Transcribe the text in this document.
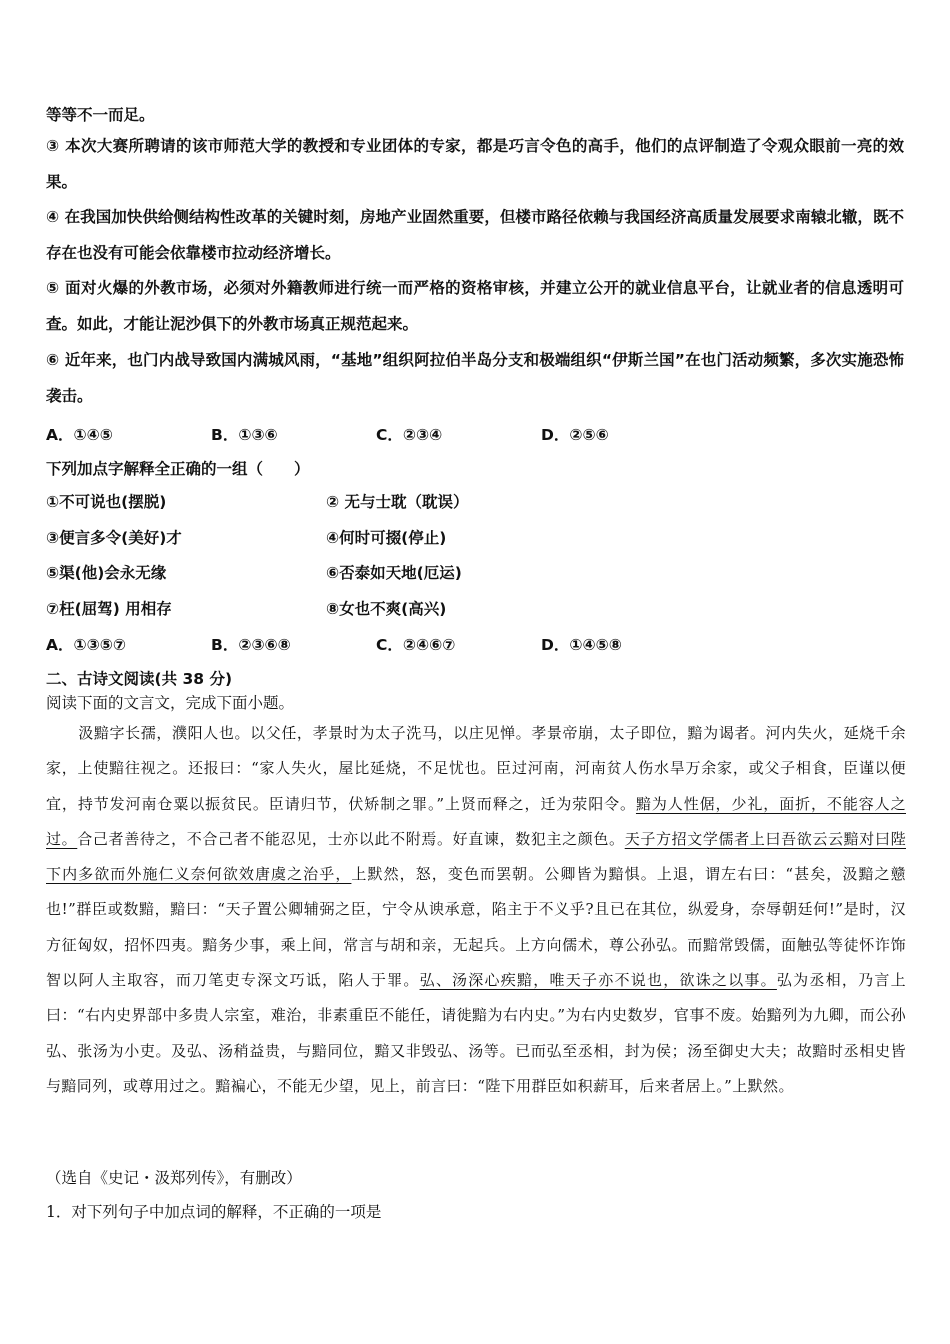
等等不一而足。
③ 本次大赛所聘请的该市师范大学的教授和专业团体的专家，都是巧言令色的高手，他们的点评制造了令观众眼前一亮的效果。
④ 在我国加快供给侧结构性改革的关键时刻，房地产业固然重要，但楼市路径依赖与我国经济高质量发展要求南辕北辙，既不存在也没有可能会依靠楼市拉动经济增长。
⑤ 面对火爆的外教市场，必须对外籍教师进行统一而严格的资格审核，并建立公开的就业信息平台，让就业者的信息透明可查。如此，才能让泥沙俱下的外教市场真正规范起来。
⑥ 近年来，也门内战导致国内满城风雨，“基地”组织阿拉伯半岛分支和极端组织“伊斯兰国”在也门活动频繁，多次实施恐怖袭击。
A．①④⑤	B．①③⑥	C．②③④	D．②⑤⑥
下列加点字解释全正确的一组（　　）
①不可说也(摆脱)	② 无与士耽（耽误）
③便言多令(美好)才	④何时可掇(停止)
⑤渠(他)会永无缘	⑥否泰如天地(厄运)
⑦枉(屈驾) 用相存	⑧女也不爽(高兴)
A．①③⑤⑦	B．②③⑥⑧	C．②④⑥⑦	D．①④⑤⑧
二、古诗文阅读(共 38 分)
阅读下面的文言文，完成下面小题。
汲黯字长孺，濮阳人也。以父任，孝景时为太子洗马，以庄见惮。孝景帝崩，太子即位，黯为谒者。河内失火，延烧千余家，上使黯往视之。还报曰：“家人失火，屋比延烧，不足忧也。臣过河南，河南贫人伤水旱万余家，或父子相食，臣谨以便宜，持节发河南仓粟以振贫民。臣请归节，伏矫制之罪。”上贤而释之，迁为荥阳令。黯为人性倨，少礼，面折，不能容人之过。合己者善待之，不合己者不能忍见，士亦以此不附焉。好直谏，数犯主之颜色。天子方招文学儒者上曰吾欲云云黯对曰陛下内多欲而外施仁义奈何欲效唐虞之治乎，上默然，怒，变色而罢朝。公卿皆为黯惧。上退，谓左右曰：“甚矣，汲黯之戆也!”群臣或数黯，黯曰：“天子置公卿辅弼之臣，宁令从谀承意，陷主于不义乎?且已在其位，纵爱身，奈辱朝廷何!”是时，汉方征匈奴，招怀四夷。黯务少事，乘上间，常言与胡和亲，无起兵。上方向儒术，尊公孙弘。而黯常毁儒，面触弘等徒怀诈饰智以阿人主取容，而刀笔吏专深文巧诋，陷人于罪。弘、汤深心疾黯，唯天子亦不说也，欲诛之以事。弘为丞相，乃言上曰：“右内史界部中多贵人宗室，难治，非素重臣不能任，请徙黯为右内史。”为右内史数岁，官事不废。始黯列为九卿，而公孙弘、张汤为小吏。及弘、汤稍益贵，与黯同位，黯又非毁弘、汤等。已而弘至丞相，封为侯；汤至御史大夫；故黯时丞相史皆与黯同列，或尊用过之。黯褊心，不能无少望，见上，前言曰：“陛下用群臣如积薪耳，后来者居上。”上默然。
（选自《史记・汲郑列传》，有删改）
1．对下列句子中加点词的解释，不正确的一项是
